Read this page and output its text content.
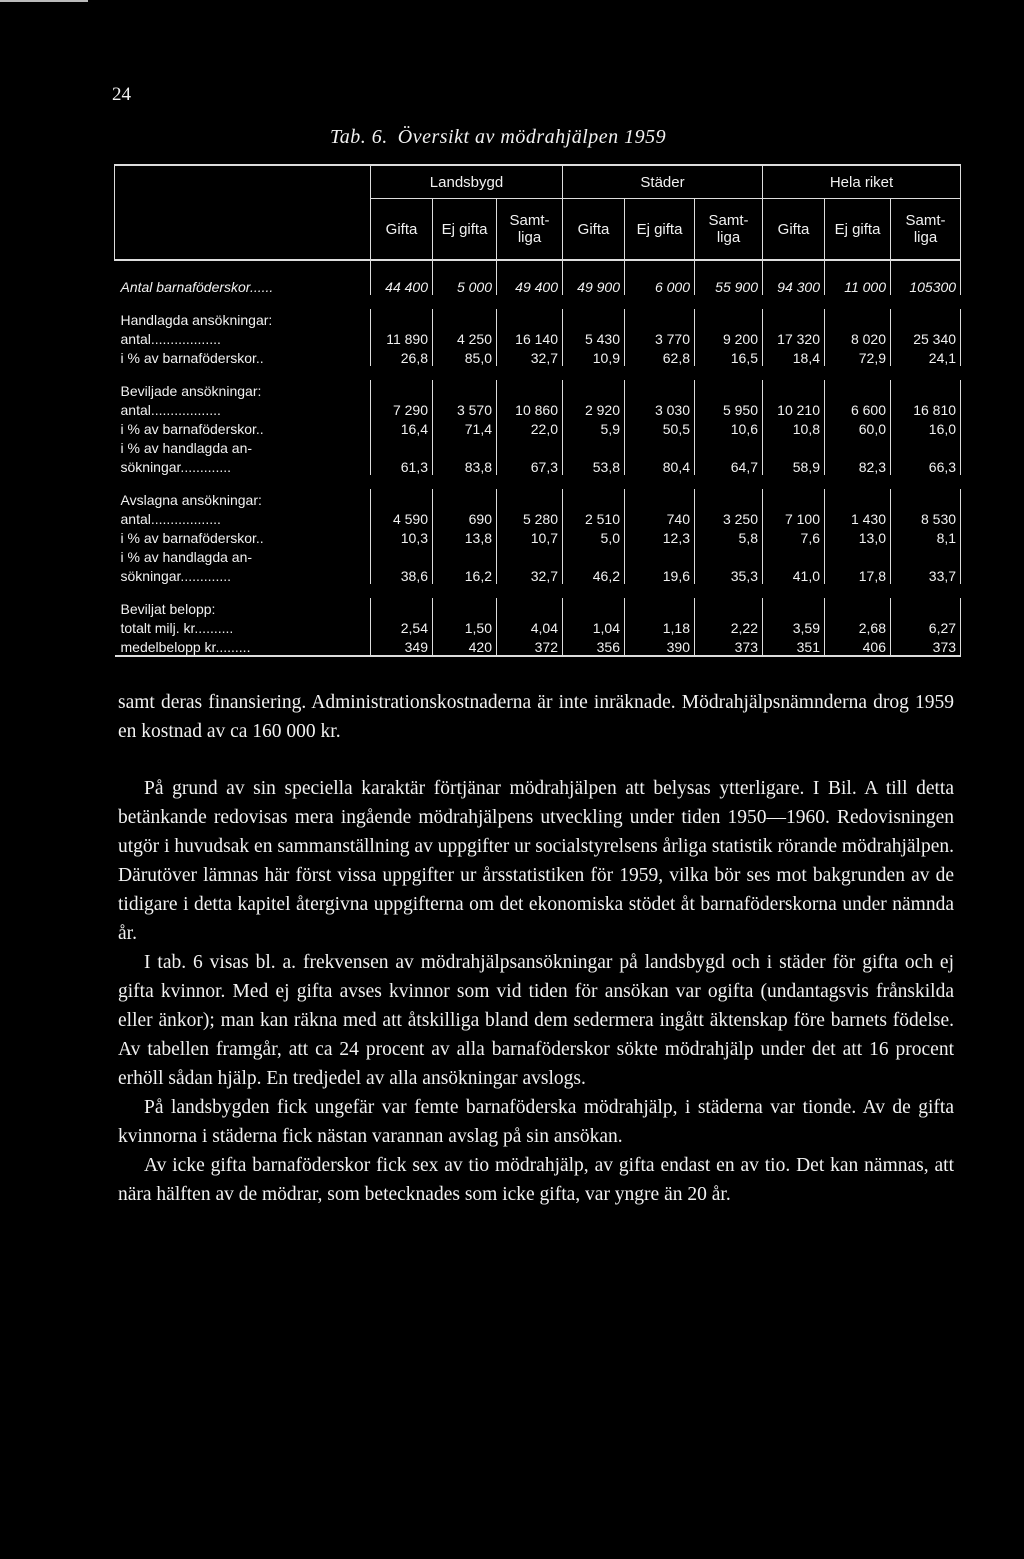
24
Tab. 6. Översikt av mödrahjälpen 1959
	Landsbygd			Städer			Hela riket		
	Gifta	Ej gifta	Samt- liga	Gifta	Ej gifta	Samt- liga	Gifta	Ej gifta	Samt- liga
Antal barnaföderskor......	44 400	5 000	49 400	49 900	6 000	55 900	94 300	11 000	105300

Handlagda ansökningar:									
antal..................	11 890	4 250	16 140	5 430	3 770	9 200	17 320	8 020	25 340
i % av barnaföderskor..	26,8	85,0	32,7	10,9	62,8	16,5	18,4	72,9	24,1

Beviljade ansökningar:									
antal..................	7 290	3 570	10 860	2 920	3 030	5 950	10 210	6 600	16 810
i % av barnaföderskor..	16,4	71,4	22,0	5,9	50,5	10,6	10,8	60,0	16,0
i % av handlagda an-									
sökningar.............	61,3	83,8	67,3	53,8	80,4	64,7	58,9	82,3	66,3

Avslagna ansökningar:									
antal..................	4 590	690	5 280	2 510	740	3 250	7 100	1 430	8 530
i % av barnaföderskor..	10,3	13,8	10,7	5,0	12,3	5,8	7,6	13,0	8,1
i % av handlagda an-									
sökningar.............	38,6	16,2	32,7	46,2	19,6	35,3	41,0	17,8	33,7

Beviljat belopp:									
totalt milj. kr..........	2,54	1,50	4,04	1,04	1,18	2,22	3,59	2,68	6,27
medelbelopp kr.........	349	420	372	356	390	373	351	406	373

samt deras finansiering. Administrationskostnaderna är inte inräknade. Mödrahjälpsnämnderna drog 1959 en kostnad av ca 160 000 kr.

På grund av sin speciella karaktär förtjänar mödrahjälpen att belysas ytterligare. I Bil. A till detta betänkande redovisas mera ingående mödrahjälpens utveckling under tiden 1950—1960. Redovisningen utgör i huvudsak en sammanställning av uppgifter ur socialstyrelsens årliga statistik rörande mödrahjälpen. Därutöver lämnas här först vissa uppgifter ur årsstatistiken för 1959, vilka bör ses mot bakgrunden av de tidigare i detta kapitel återgivna uppgifterna om det ekonomiska stödet åt barnaföderskorna under nämnda år.

I tab. 6 visas bl. a. frekvensen av mödrahjälpsansökningar på landsbygd och i städer för gifta och ej gifta kvinnor. Med ej gifta avses kvinnor som vid tiden för ansökan var ogifta (undantagsvis frånskilda eller änkor); man kan räkna med att åtskilliga bland dem sedermera ingått äktenskap före barnets födelse. Av tabellen framgår, att ca 24 procent av alla barnaföderskor sökte mödrahjälp under det att 16 procent erhöll sådan hjälp. En tredjedel av alla ansökningar avslogs.

På landsbygden fick ungefär var femte barnaföderska mödrahjälp, i städerna var tionde. Av de gifta kvinnorna i städerna fick nästan varannan avslag på sin ansökan.

Av icke gifta barnaföderskor fick sex av tio mödrahjälp, av gifta endast en av tio. Det kan nämnas, att nära hälften av de mödrar, som betecknades som icke gifta, var yngre än 20 år.
